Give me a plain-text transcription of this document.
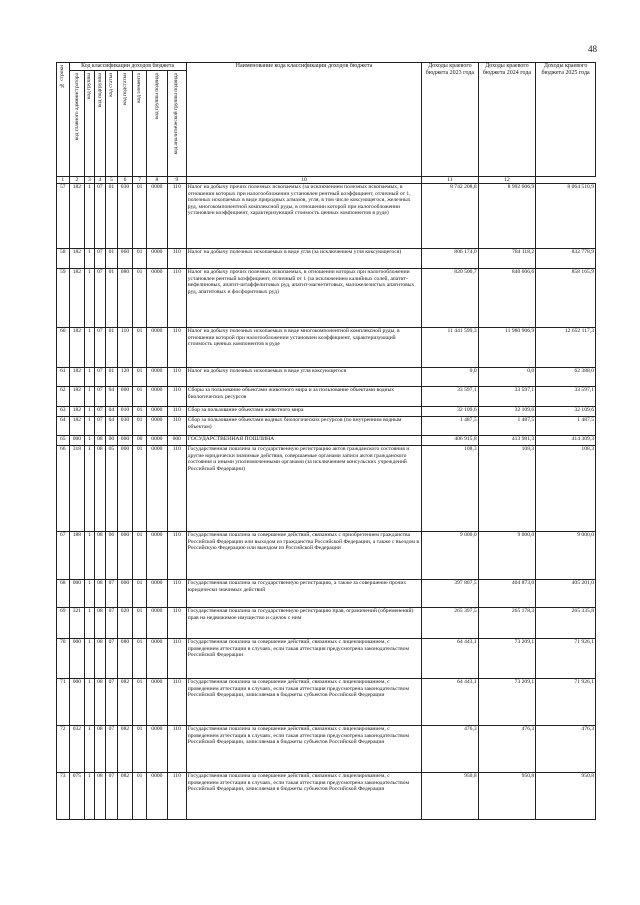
48
№ строки	Код классификации доходов бюджета								Наименование кода классификации доходов бюджета	Доходы краевого бюджета 2023 года	Доходы краевого бюджета 2024 года	Доходы краевого бюджета 2025 года

	код главного администратора	код группы	код подгруппы	код статьи	код подстатьи	код элемента	код группы подвида	код аналитической группы подвида				

1	2	3	4	5	6	7	8	9	10	11	12	
57	182	1	07	01	030	01	0000	110	Налог на добычу прочих полезных ископаемых (за исключением полезных ископаемых, в отношении которых при налогообложении установлен рентный коэффициент, отличный от 1, полезных ископаемых в виде природных алмазов, угля, в том числе коксующегося, железных руд, многокомпонентной комплексной руды, в отношении которой при налогообложении установлен коэффициент, характеризующий стоимость ценных компонентов в руде)	8 742 208,8	8 992 606,9	8 064 510,9
58	182	1	07	01	060	01	0000	110	Налог на добычу полезных ископаемых в виде угля (за исключением угля коксующегося)	806 174,0	784 118,2	832 778,9
59	182	1	07	01	080	01	0000	110	Налог на добычу прочих полезных ископаемых, в отношении которых при налогообложении установлен рентный коэффициент, отличный от 1 (за исключением калийных солей, апатит-нефелиновых, апатит-штаффелитовых руд, апатит-магнетитовых, маложелезистых апатитовых руд, апатитовых и фосфоритовых руд)	820 500,7	840 606,6	858 165,9
60	182	1	07	01	110	01	0000	110	Налог на добычу полезных ископаемых в виде многокомпонентной комплексной руды, в отношении которой при налогообложении установлен коэффициент, характеризующий стоимость ценных компонентов в руде	11 441 599,3	11 980 906,9	12 652 117,3
61	182	1	07	01	120	01	0000	110	Налог на добычу полезных ископаемых в виде угля коксующегося	0,0	0,0	62 388,0
62	182	1	07	04	000	01	0000	110	Сборы за пользование объектами животного мира и за пользование объектами водных биологических ресурсов	33 597,1	33 597,1	33 597,1
63	182	1	07	04	010	01	0000	110	Сбор за пользование объектами животного мира	32 109,6	32 109,6	32 109,6
64	182	1	07	04	030	01	0000	110	Сбор за пользование объектами водных биологических ресурсов (по внутренним водным объектам)	1 487,5	1 487,5	1 487,5
65	000	1	08	00	000	00	0000	000	ГОСУДАРСТВЕННАЯ ПОШЛИНА	406 915,8	413 981,3	414 309,3
66	318	1	08	05	000	01	0000	110	Государственная пошлина за государственную регистрацию актов гражданского состояния и другие юридически значимые действия, совершаемые органами записи актов гражданского состояния и иными уполномоченными органами (за исключением консульских учреждений Российской Федерации)	108,3	108,3	108,3
67	188	1	08	06	000	01	0000	110	Государственная пошлина за совершение действий, связанных с приобретением гражданства Российской Федерации или выходом из гражданства Российской Федерации, а также с въездом в Российскую Федерацию или выездом из Российской Федерации	9 000,0	9 000,0	9 000,0
68	000	1	08	07	000	01	0000	110	Государственная пошлина за государственную регистрацию, а также за совершение прочих юридически значимых действий	397 807,5	404 873,0	405 201,0
69	321	1	08	07	020	01	0000	110	Государственная пошлина за государственную регистрацию прав, ограничений (обременений) прав на недвижимое имущество и сделок с ним	265 397,5	265 178,3	265 335,8
70	000	1	08	07	080	01	0000	110	Государственная пошлина за совершение действий, связанных с лицензированием, с проведением аттестации в случаях, если такая аттестация предусмотрена законодательством Российской Федерации	64 443,1	73 209,1	71 926,1
71	000	1	08	07	082	01	0000	110	Государственная пошлина за совершение действий, связанных с лицензированием, с проведением аттестации в случаях, если такая аттестация предусмотрена законодательством Российской Федерации, зачисляемая в бюджеты субъектов Российской Федерации	64 443,1	73 209,1	71 926,1
72	032	1	08	07	082	01	0000	110	Государственная пошлина за совершение действий, связанных с лицензированием, с проведением аттестации в случаях, если такая аттестация предусмотрена законодательством Российской Федерации, зачисляемая в бюджеты субъектов Российской Федерации	476,3	476,3	476,3
73	075	1	08	07	082	01	0000	110	Государственная пошлина за совершение действий, связанных с лицензированием, с проведением аттестации в случаях, если такая аттестация предусмотрена законодательством Российской Федерации, зачисляемая в бюджеты субъектов Российской Федерации	950,8	950,8	950,8
